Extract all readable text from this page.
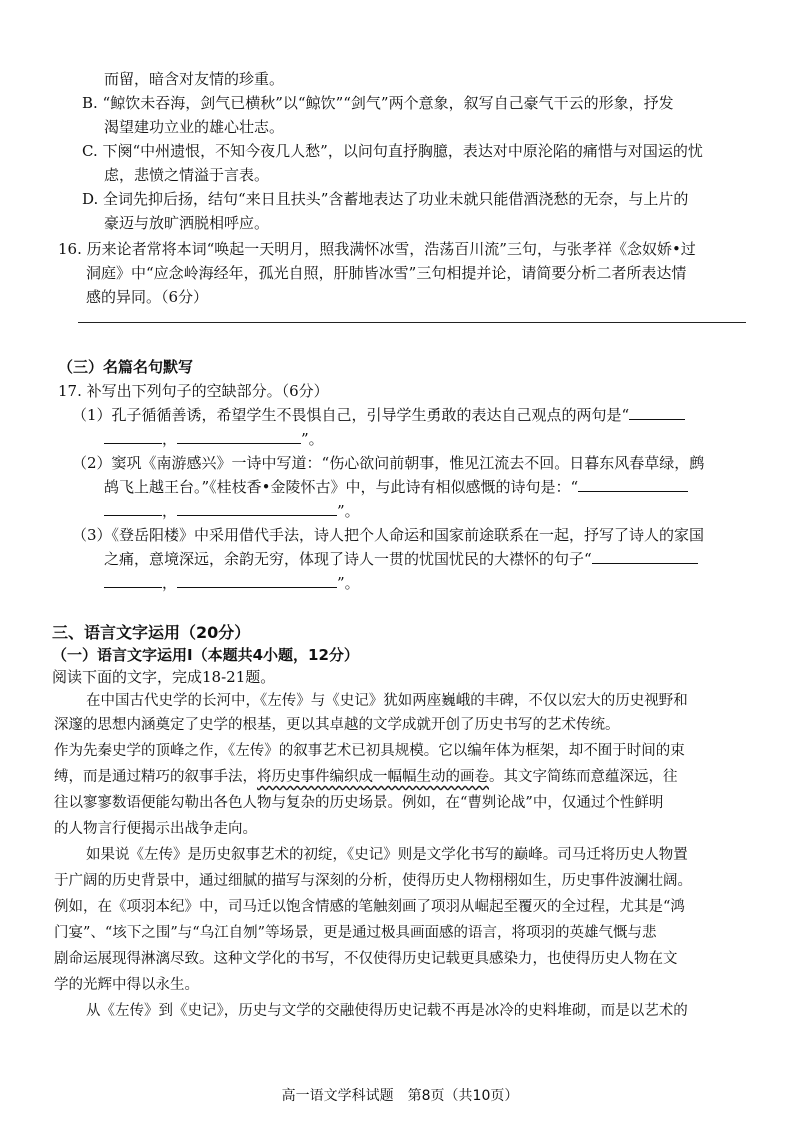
而留，暗含对友情的珍重。
B. “鲸饮未吞海，剑气已横秋”以“鲸饮”“剑气”两个意象，叙写自己豪气干云的形象，抒发
渴望建功立业的雄心壮志。
C. 下阕“中州遗恨，不知今夜几人愁”，以问句直抒胸臆，表达对中原沦陷的痛惜与对国运的忧
虑，悲愤之情溢于言表。
D. 全词先抑后扬，结句“来日且扶头”含蓄地表达了功业未就只能借酒浇愁的无奈，与上片的
豪迈与放旷洒脱相呼应。
16. 历来论者常将本词“唤起一天明月，照我满怀冰雪，浩荡百川流”三句，与张孝祥《念奴娇•过
洞庭》中“应念岭海经年，孤光自照，肝肺皆冰雪”三句相提并论，请简要分析二者所表达情
感的异同。（6分）
（三）名篇名句默写
17. 补写出下列句子的空缺部分。（6分）
（1）孔子循循善诱，希望学生不畏惧自己，引导学生勇敢的表达自己观点的两句是“
，	”。
（2）窦巩《南游感兴》一诗中写道：“伤心欲问前朝事，惟见江流去不回。日暮东风春草绿，鹧
鸪飞上越王台。”《桂枝香•金陵怀古》中，与此诗有相似感慨的诗句是：“
，	”。
（3）《登岳阳楼》中采用借代手法，诗人把个人命运和国家前途联系在一起，抒写了诗人的家国
之痛，意境深远，余韵无穷，体现了诗人一贯的忧国忧民的大襟怀的句子“
，	”。
三、语言文字运用（20分）
（一）语言文字运用Ⅰ（本题共4小题，12分）
阅读下面的文字，完成18-21题。
在中国古代史学的长河中，《左传》与《史记》犹如两座巍峨的丰碑，不仅以宏大的历史视野和
深邃的思想内涵奠定了史学的根基，更以其卓越的文学成就开创了历史书写的艺术传统。
作为先秦史学的顶峰之作，《左传》的叙事艺术已初具规模。它以编年体为框架，却不囿于时间的束
缚，而是通过精巧的叙事手法，将历史事件编织成一幅幅生动的画卷。其文字简练而意蕴深远，往
往以寥寥数语便能勾勒出各色人物与复杂的历史场景。例如，在“曹刿论战”中，仅通过个性鲜明
的人物言行便揭示出战争走向。
如果说《左传》是历史叙事艺术的初绽，《史记》则是文学化书写的巅峰。司马迁将历史人物置
于广阔的历史背景中，通过细腻的描写与深刻的分析，使得历史人物栩栩如生，历史事件波澜壮阔。
例如，在《项羽本纪》中，司马迁以饱含情感的笔触刻画了项羽从崛起至覆灭的全过程，尤其是“鸿
门宴”、“垓下之围”与“乌江自刎”等场景，更是通过极具画面感的语言，将项羽的英雄气慨与悲
剧命运展现得淋漓尽致。这种文学化的书写，不仅使得历史记载更具感染力，也使得历史人物在文
学的光辉中得以永生。
从《左传》到《史记》，历史与文学的交融使得历史记载不再是冰冷的史料堆砌，而是以艺术的
高一语文学科试题　第8页（共10页）
